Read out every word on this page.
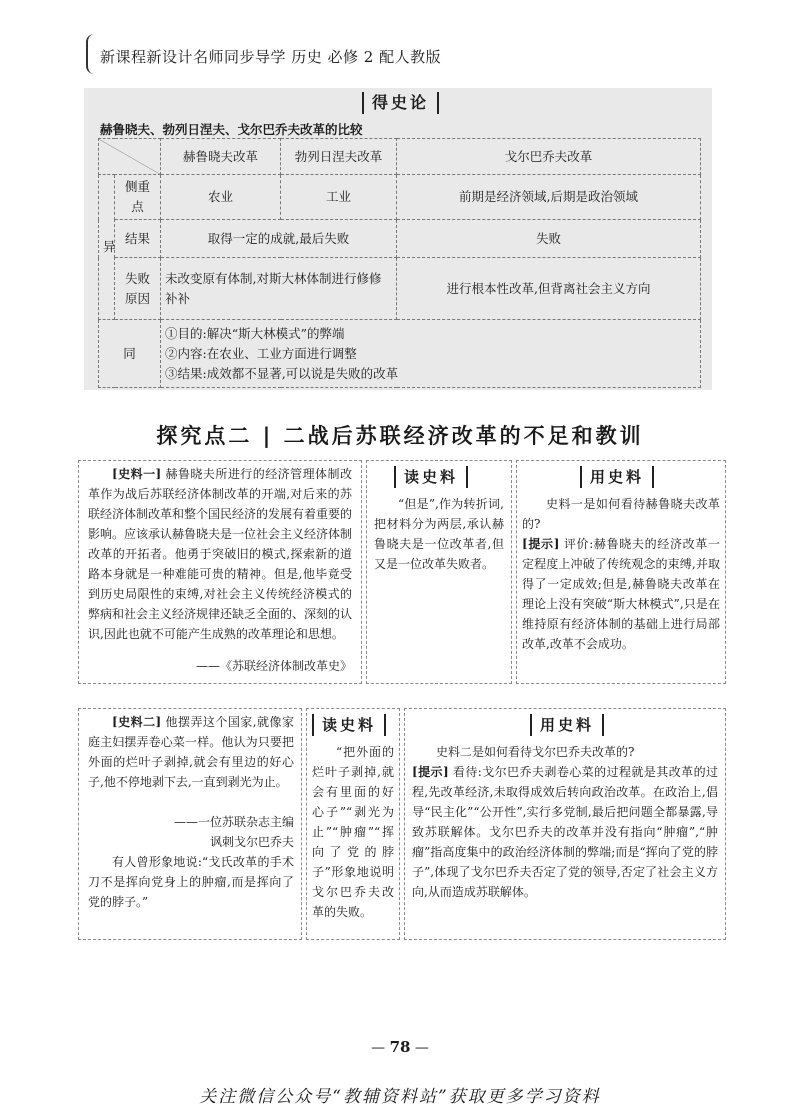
新课程新设计名师同步导学 历史 必修 2 配人教版
得史论
赫鲁晓夫、勃列日涅夫、戈尔巴乔夫改革的比较
		赫鲁晓夫改革	勃列日涅夫改革	戈尔巴乔夫改革
异	侧重点	农业	工业	前期是经济领域,后期是政治领域
	结果	取得一定的成就,最后失败		失败
	失败原因	未改变原有体制,对斯大林体制进行修修补补		进行根本性改革,但背离社会主义方向
同		①目的:解决“斯大林模式”的弊端
②内容:在农业、工业方面进行调整
③结果:成效都不显著,可以说是失败的改革		
探究点二 | 二战后苏联经济改革的不足和教训

[史料一] 赫鲁晓夫所进行的经济管理体制改革作为战后苏联经济体制改革的开端,对后来的苏联经济体制改革和整个国民经济的发展有着重要的影响。应该承认赫鲁晓夫是一位社会主义经济体制改革的开拓者。他勇于突破旧的模式,探索新的道路本身就是一种难能可贵的精神。但是,他毕竟受到历史局限性的束缚,对社会主义传统经济模式的弊病和社会主义经济规律还缺乏全面的、深刻的认识,因此也就不可能产生成熟的改革理论和思想。

——《苏联经济体制改革史》
读史料

“但是”,作为转折词,把材料分为两层,承认赫鲁晓夫是一位改革者,但又是一位改革失败者。

用史料

史料一是如何看待赫鲁晓夫改革的?

[提示] 评价:赫鲁晓夫的经济改革一定程度上冲破了传统观念的束缚,并取得了一定成效;但是,赫鲁晓夫改革在理论上没有突破“斯大林模式”,只是在维持原有经济体制的基础上进行局部改革,改革不会成功。

[史料二] 他摆弄这个国家,就像家庭主妇摆弄卷心菜一样。他认为只要把外面的烂叶子剥掉,就会有里边的好心子,他不停地剥下去,一直到剥光为止。

——一位苏联杂志主编
讽刺戈尔巴乔夫

有人曾形象地说:“戈氏改革的手术刀不是挥向党身上的肿瘤,而是挥向了党的脖子。”

读史料

“把外面的烂叶子剥掉,就会有里面的好心子”“剥光为止”“肿瘤”“挥向了党的脖子”形象地说明戈尔巴乔夫改革的失败。

用史料

史料二是如何看待戈尔巴乔夫改革的?

[提示] 看待:戈尔巴乔夫剥卷心菜的过程就是其改革的过程,先改革经济,未取得成效后转向政治改革。在政治上,倡导“民主化”“公开性”,实行多党制,最后把问题全都暴露,导致苏联解体。戈尔巴乔夫的改革并没有指向“肿瘤”,“肿瘤”指高度集中的政治经济体制的弊端;而是“挥向了党的脖子”,体现了戈尔巴乔夫否定了党的领导,否定了社会主义方向,从而造成苏联解体。
— 78 —
关注微信公众号“教辅资料站”获取更多学习资料
